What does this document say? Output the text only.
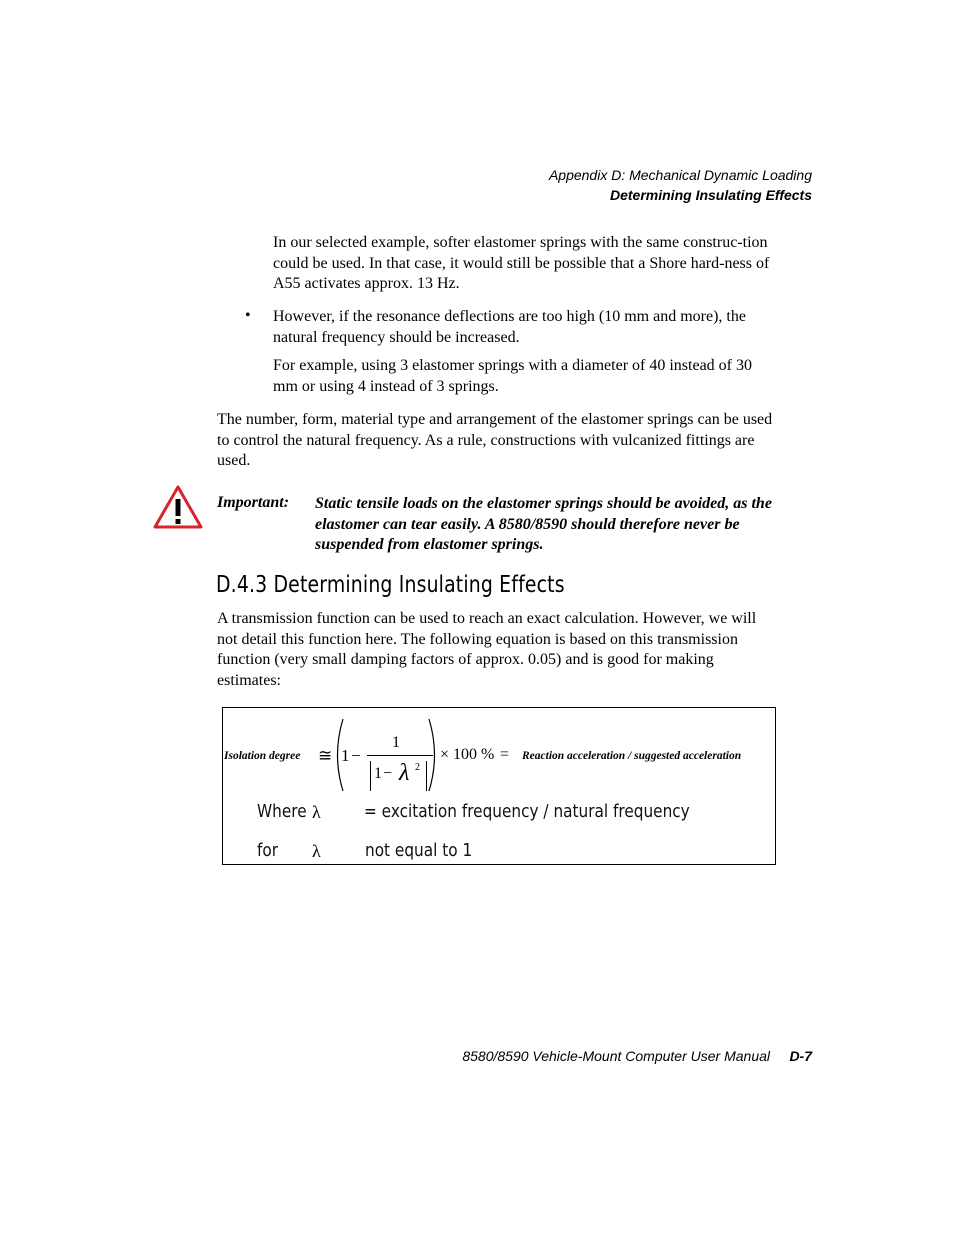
Appendix D: Mechanical Dynamic Loading
Determining Insulating Effects

In our selected example, softer elastomer springs with the same construc-tion could be used. In that case, it would still be possible that a Shore hard-ness of A55 activates approx. 13 Hz.

• However, if the resonance deflections are too high (10 mm and more), the natural frequency should be increased.

For example, using 3 elastomer springs with a diameter of 40 instead of 30 mm or using 4 instead of 3 springs.

The number, form, material type and arrangement of the elastomer springs can be used to control the natural frequency. As a rule, constructions with vulcanized fittings are used.

Important: Static tensile loads on the elastomer springs should be avoided, as the elastomer can tear easily. A 8580/8590 should therefore never be suspended from elastomer springs.

D.4.3 Determining Insulating Effects

A transmission function can be used to reach an exact calculation. However, we will not detail this function here. The following equation is based on this transmission function (very small damping factors of approx. 0.05) and is good for making estimates:

Isolation degree ≅ 1 −
1
1 − λ 2
× 100 % = Reaction acceleration / suggested acceleration
Where λ = excitation frequency / natural frequency
for λ not equal to 1
8580/8590 Vehicle-Mount Computer User Manual D-7
